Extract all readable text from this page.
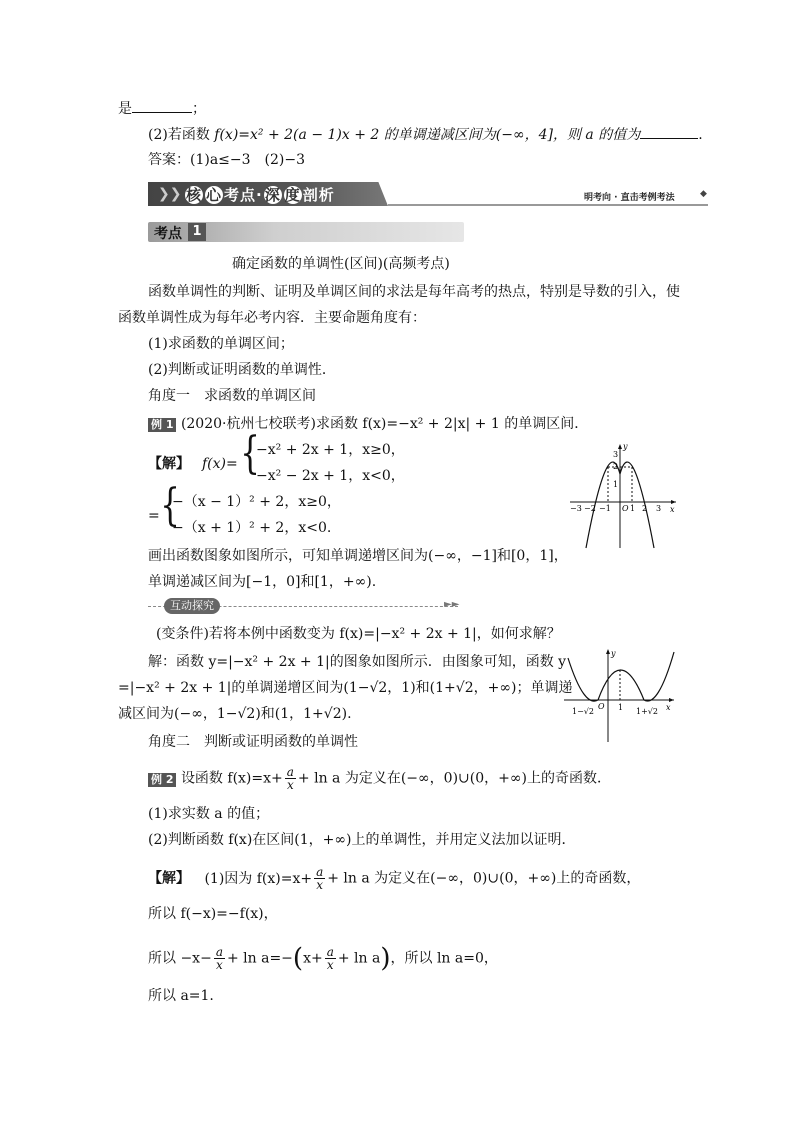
是	；
(2)若函数 f(x)=x² + 2(a − 1)x + 2 的单调递减区间为(−∞，4]，则 a 的值为	.
答案：(1)a≤−3　(2)−3
❯❯ 核 心 考点· 深 度 剖析	明考向 · 直击考例考法	◆
考点 1
确定函数的单调性(区间)(高频考点)
函数单调性的判断、证明及单调区间的求法是每年高考的热点，特别是导数的引入，使
函数单调性成为每年必考内容．主要命题角度有：
(1)求函数的单调区间；
(2)判断或证明函数的单调性．
角度一　求函数的单调区间
例 1 (2020·杭州七校联考)求函数 f(x)=−x² + 2|x| + 1 的单调区间．
【解】 f(x)= {
−x² + 2x + 1，x≥0，
−x² − 2x + 1，x<0，
= {
−（x − 1）² + 2，x≥0，
−（x + 1）² + 2，x<0.
y
x
O
3
2
1
−3 −2 −1 1 2 3
画出函数图象如图所示，可知单调递增区间为(−∞，−1]和[0，1]，
单调递减区间为[−1，0]和[1，+∞).
互动探究	►►
(变条件)若将本例中函数变为 f(x)=|−x² + 2x + 1|，如何求解？
解：函数 y=|−x² + 2x + 1|的图象如图所示．由图象可知，函数 y
=|−x² + 2x + 1|的单调递增区间为(1−√2，1)和(1+√2，+∞)；单调递
减区间为(−∞，1−√2)和(1，1+√2).
y
x
O
1−√2	1 1+√2
角度二　判断或证明函数的单调性
例 2 设函数 $f(x)=x+ \frac{a}{x} + \ln a$ 为定义在(−∞，0)∪(0，+∞)上的奇函数．
(1)求实数 a 的值；
(2)判断函数 f(x)在区间(1，+∞)上的单调性，并用定义法加以证明．
【解】 (1)因为 $f(x)=x+ \frac{a}{x} + \ln a$ 为定义在(−∞，0)∪(0，+∞)上的奇函数，
所以 f(−x)=−f(x)，
所以 $-x- \frac{a}{x} + \ln a=-(x+ \frac{a}{x} + \ln a)$，所以 ln a=0，
所以 a=1.
